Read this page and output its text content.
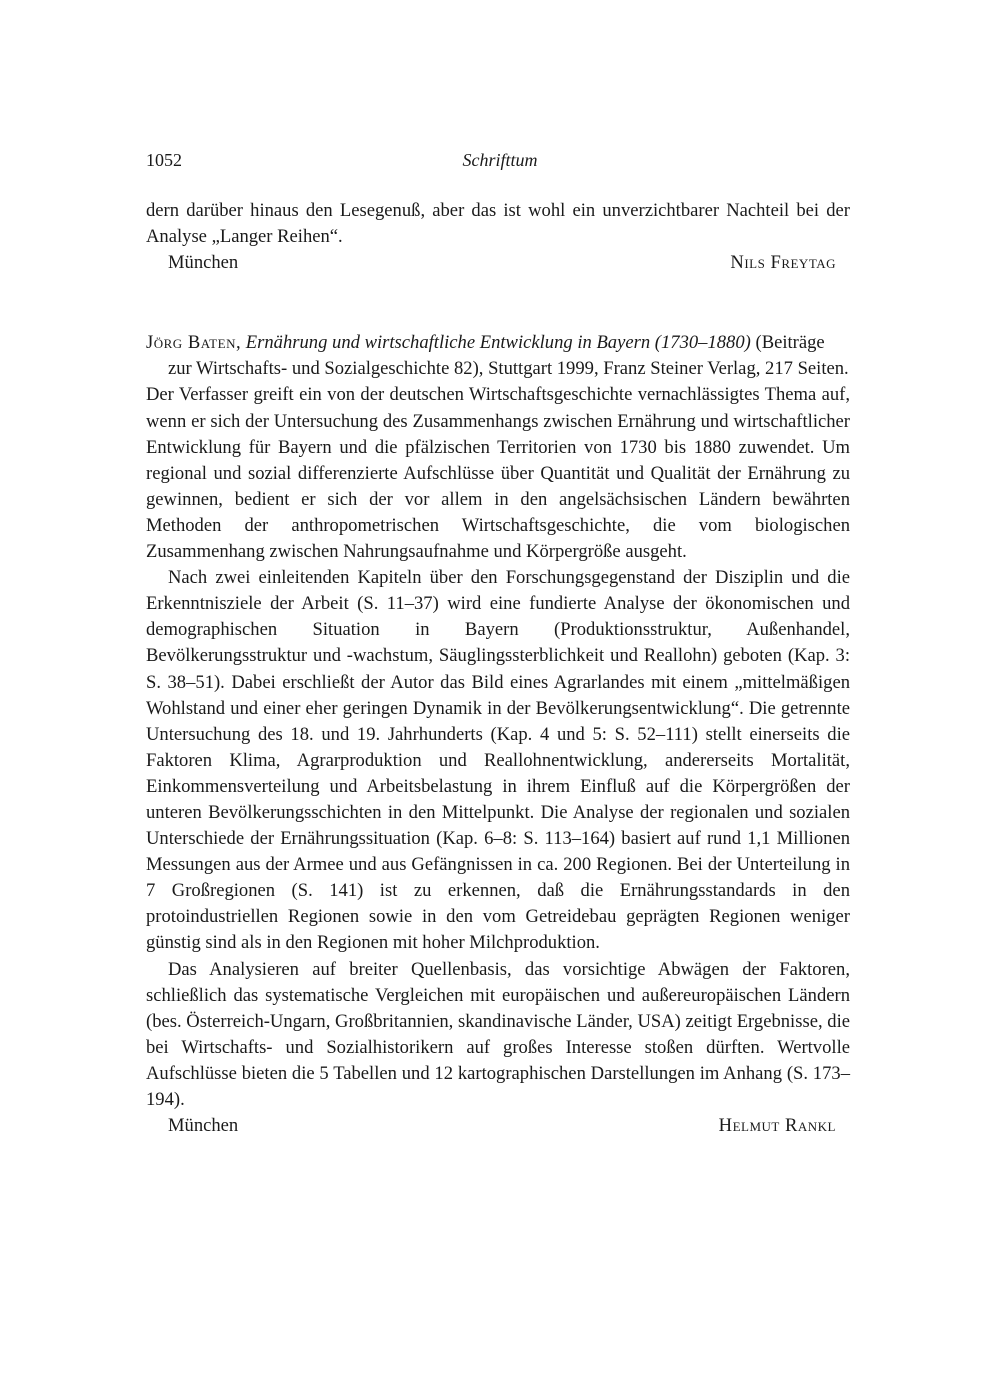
1052	Schrifttum

dern darüber hinaus den Lesegenuß, aber das ist wohl ein unverzichtbarer Nachteil bei der Analyse „Langer Reihen“.

München	Nils Freytag

Jörg Baten, Ernährung und wirtschaftliche Entwicklung in Bayern (1730–1880) (Beiträge zur Wirtschafts- und Sozialgeschichte 82), Stuttgart 1999, Franz Steiner Verlag, 217 Seiten.

Der Verfasser greift ein von der deutschen Wirtschaftsgeschichte vernachlässigtes Thema auf, wenn er sich der Untersuchung des Zusammenhangs zwischen Ernährung und wirtschaftlicher Entwicklung für Bayern und die pfälzischen Territorien von 1730 bis 1880 zuwendet. Um regional und sozial differenzierte Aufschlüsse über Quantität und Qualität der Ernährung zu gewinnen, bedient er sich der vor allem in den angelsächsischen Ländern bewährten Methoden der anthropometrischen Wirtschaftsgeschichte, die vom biologischen Zusammenhang zwischen Nahrungsaufnahme und Körpergröße ausgeht.

Nach zwei einleitenden Kapiteln über den Forschungsgegenstand der Disziplin und die Erkenntnisziele der Arbeit (S. 11–37) wird eine fundierte Analyse der ökonomischen und demographischen Situation in Bayern (Produktionsstruktur, Außenhandel, Bevölkerungsstruktur und -wachstum, Säuglingssterblichkeit und Reallohn) geboten (Kap. 3: S. 38–51). Dabei erschließt der Autor das Bild eines Agrarlandes mit einem „mittelmäßigen Wohlstand und einer eher geringen Dynamik in der Bevölkerungsentwicklung“. Die getrennte Untersuchung des 18. und 19. Jahrhunderts (Kap. 4 und 5: S. 52–111) stellt einerseits die Faktoren Klima, Agrarproduktion und Reallohnentwicklung, andererseits Mortalität, Einkommensverteilung und Arbeitsbelastung in ihrem Einfluß auf die Körpergrößen der unteren Bevölkerungsschichten in den Mittelpunkt. Die Analyse der regionalen und sozialen Unterschiede der Ernährungssituation (Kap. 6–8: S. 113–164) basiert auf rund 1,1 Millionen Messungen aus der Armee und aus Gefängnissen in ca. 200 Regionen. Bei der Unterteilung in 7 Großregionen (S. 141) ist zu erkennen, daß die Ernährungsstandards in den protoindustriellen Regionen sowie in den vom Getreidebau geprägten Regionen weniger günstig sind als in den Regionen mit hoher Milchproduktion.

Das Analysieren auf breiter Quellenbasis, das vorsichtige Abwägen der Faktoren, schließlich das systematische Vergleichen mit europäischen und außereuropäischen Ländern (bes. Österreich-Ungarn, Großbritannien, skandinavische Länder, USA) zeitigt Ergebnisse, die bei Wirtschafts- und Sozialhistorikern auf großes Interesse stoßen dürften. Wertvolle Aufschlüsse bieten die 5 Tabellen und 12 kartographischen Darstellungen im Anhang (S. 173–194).

München	Helmut Rankl
